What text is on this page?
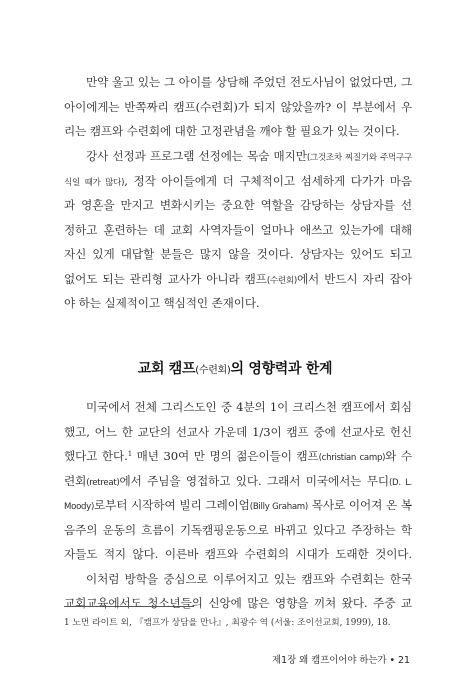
만약 울고 있는 그 아이를 상담해 주었던 전도사님이 없었다면, 그
아이에게는 반쪽짜리 캠프(수련회)가 되지 않았을까? 이 부분에서 우
리는 캠프와 수련회에 대한 고정관념을 깨야 할 필요가 있는 것이다.
강사 선정과 프로그램 선정에는 목숨 매지만(그것조차 찌질기와 주먹구구
식일 때가 많다), 정작 아이들에게 더 구체적이고 섬세하게 다가가 마음
과 영혼을 만지고 변화시키는 중요한 역할을 감당하는 상담자를 선
정하고 훈련하는 데 교회 사역자들이 얼마나 애쓰고 있는가에 대해
자신 있게 대답할 분들은 많지 않을 것이다. 상담자는 있어도 되고
없어도 되는 관리형 교사가 아니라 캠프(수련회)에서 반드시 자리 잡아
야 하는 실제적이고 핵심적인 존재이다.
교회 캠프(수련회)의 영향력과 한계
미국에서 전체 그리스도인 중 4분의 1이 크리스천 캠프에서 회심
했고, 어느 한 교단의 선교사 가운데 1/3이 캠프 중에 선교사로 헌신
했다고 한다.$^1$ 매년 30여 만 명의 젊은이들이 캠프(christian camp)와 수
련회(retreat)에서 주님을 영접하고 있다. 그래서 미국에서는 무디(D. L.
Moody)로부터 시작하여 빌리 그레이엄(Billy Graham) 목사로 이어져 온 복
음주의 운동의 흐름이 기독캠핑운동으로 바뀌고 있다고 주장하는 학
자들도 적지 않다. 이른바 캠프와 수련회의 시대가 도래한 것이다.
이처럼 방학을 중심으로 이루어지고 있는 캠프와 수련회는 한국
교회교육에서도 청소년들의 신앙에 많은 영향을 끼쳐 왔다. 주중 교
1 노먼 라이트 외, 『캠프가 상담을 만나』, 최광수 역 (서울: 조이선교회, 1999), 18.
제1장 왜 캠프이어야 하는가 • 21
